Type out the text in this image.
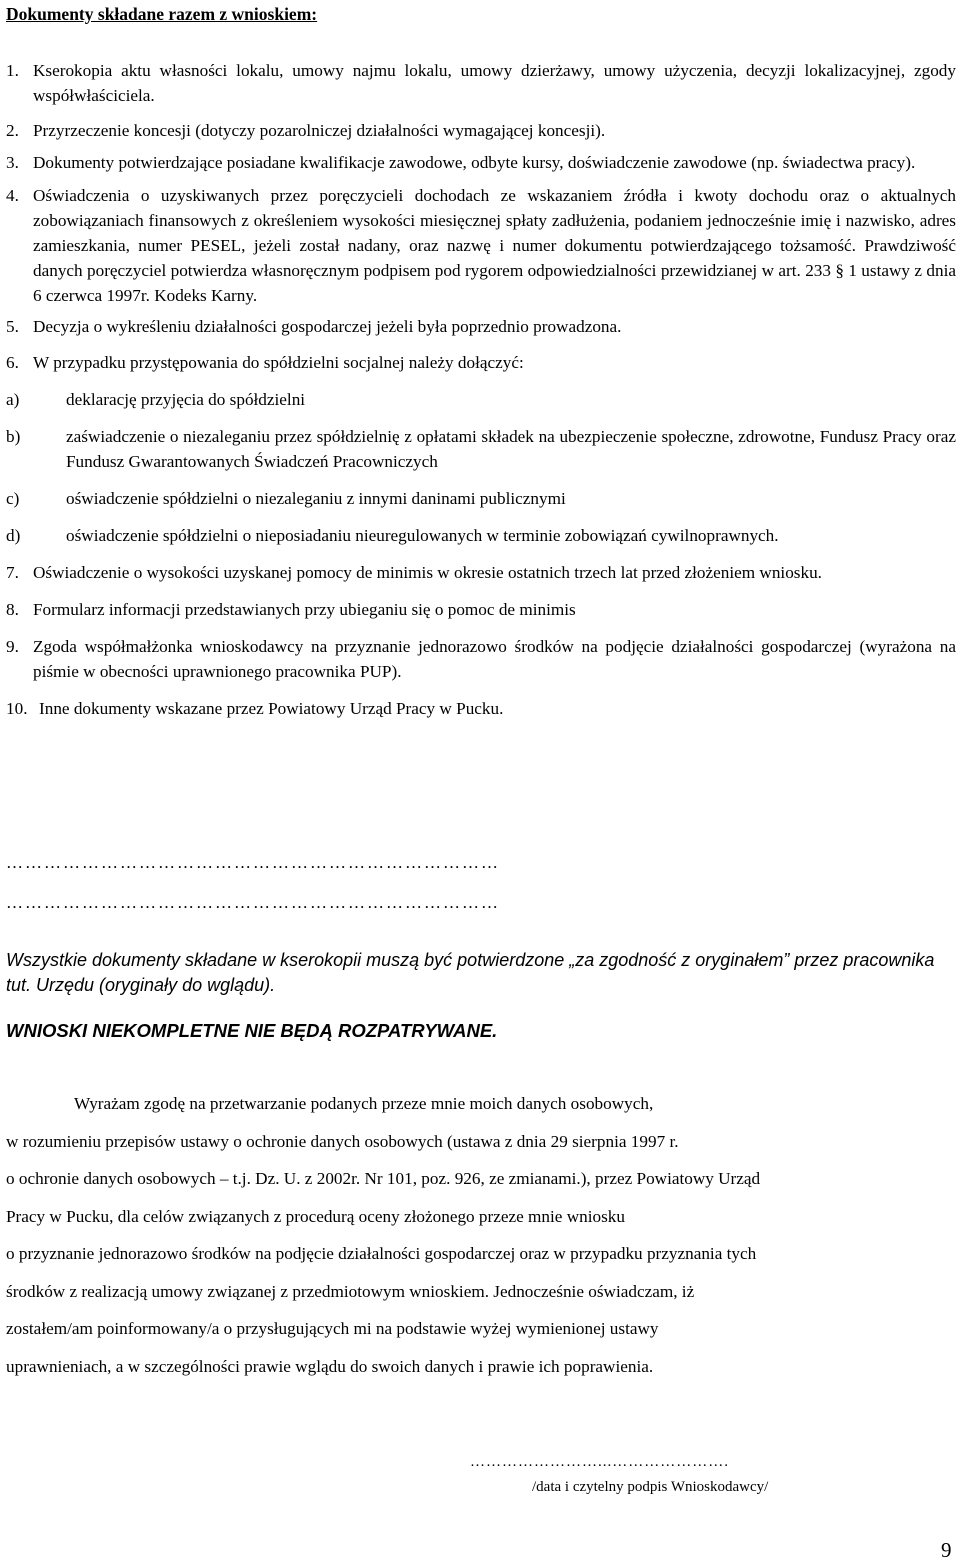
Dokumenty składane razem z wnioskiem:
1. Kserokopia aktu własności lokalu, umowy najmu lokalu, umowy dzierżawy, umowy użyczenia, decyzji lokalizacyjnej, zgody współwłaściciela.
2. Przyrzeczenie koncesji (dotyczy pozarolniczej działalności wymagającej koncesji).
3. Dokumenty potwierdzające posiadane kwalifikacje zawodowe, odbyte kursy, doświadczenie zawodowe (np. świadectwa pracy).
4. Oświadczenia o uzyskiwanych przez poręczycieli dochodach ze wskazaniem źródła i kwoty dochodu oraz o aktualnych zobowiązaniach finansowych z określeniem wysokości miesięcznej spłaty zadłużenia, podaniem jednocześnie imię i nazwisko, adres zamieszkania, numer PESEL, jeżeli został nadany, oraz nazwę i numer dokumentu potwierdzającego tożsamość. Prawdziwość danych poręczyciel potwierdza własnoręcznym podpisem pod rygorem odpowiedzialności przewidzianej w art. 233 § 1 ustawy z dnia 6 czerwca 1997r. Kodeks Karny.
5. Decyzja o wykreśleniu działalności gospodarczej jeżeli była poprzednio prowadzona.
6. W przypadku przystępowania do spółdzielni socjalnej należy dołączyć:
a)	deklarację przyjęcia do spółdzielni
b)	zaświadczenie o niezaleganiu przez spółdzielnię z opłatami składek na ubezpieczenie społeczne, zdrowotne, Fundusz Pracy oraz Fundusz Gwarantowanych Świadczeń Pracowniczych
c)	oświadczenie spółdzielni o niezaleganiu z innymi daninami publicznymi
d)	oświadczenie spółdzielni o nieposiadaniu nieuregulowanych w terminie zobowiązań cywilnoprawnych.
7. Oświadczenie o wysokości uzyskanej pomocy de minimis w okresie ostatnich trzech lat przed złożeniem wniosku.
8. Formularz informacji przedstawianych przy ubieganiu się o pomoc de minimis
9. Zgoda współmałżonka wnioskodawcy na przyznanie jednorazowo środków na podjęcie działalności gospodarczej (wyrażona na piśmie w obecności uprawnionego pracownika PUP).
10. Inne dokumenty wskazane przez Powiatowy Urząd Pracy w Pucku.
……………………………………………………………………
……………………………………………………………………
Wszystkie dokumenty składane w kserokopii muszą być potwierdzone „za zgodność z oryginałem” przez pracownika tut. Urzędu (oryginały do wglądu).
WNIOSKI NIEKOMPLETNE NIE BĘDĄ ROZPATRYWANE.

Wyrażam zgodę na przetwarzanie podanych przeze mnie moich danych osobowych,

w rozumieniu przepisów ustawy o ochronie danych osobowych (ustawa z dnia 29 sierpnia 1997 r.

o ochronie danych osobowych – t.j. Dz. U. z 2002r. Nr 101, poz. 926, ze zmianami.), przez Powiatowy Urząd

Pracy w Pucku, dla celów związanych z procedurą oceny złożonego przeze mnie wniosku

o przyznanie jednorazowo środków na podjęcie działalności gospodarczej oraz w przypadku przyznania tych

środków z realizacją umowy związanej z przedmiotowym wnioskiem. Jednocześnie oświadczam, iż

zostałem/am poinformowany/a o przysługujących mi na podstawie wyżej wymienionej ustawy

uprawnieniach, a w szczególności prawie wglądu do swoich danych i prawie ich poprawienia.

……………………...………………….
/data i czytelny podpis Wnioskodawcy/
9
